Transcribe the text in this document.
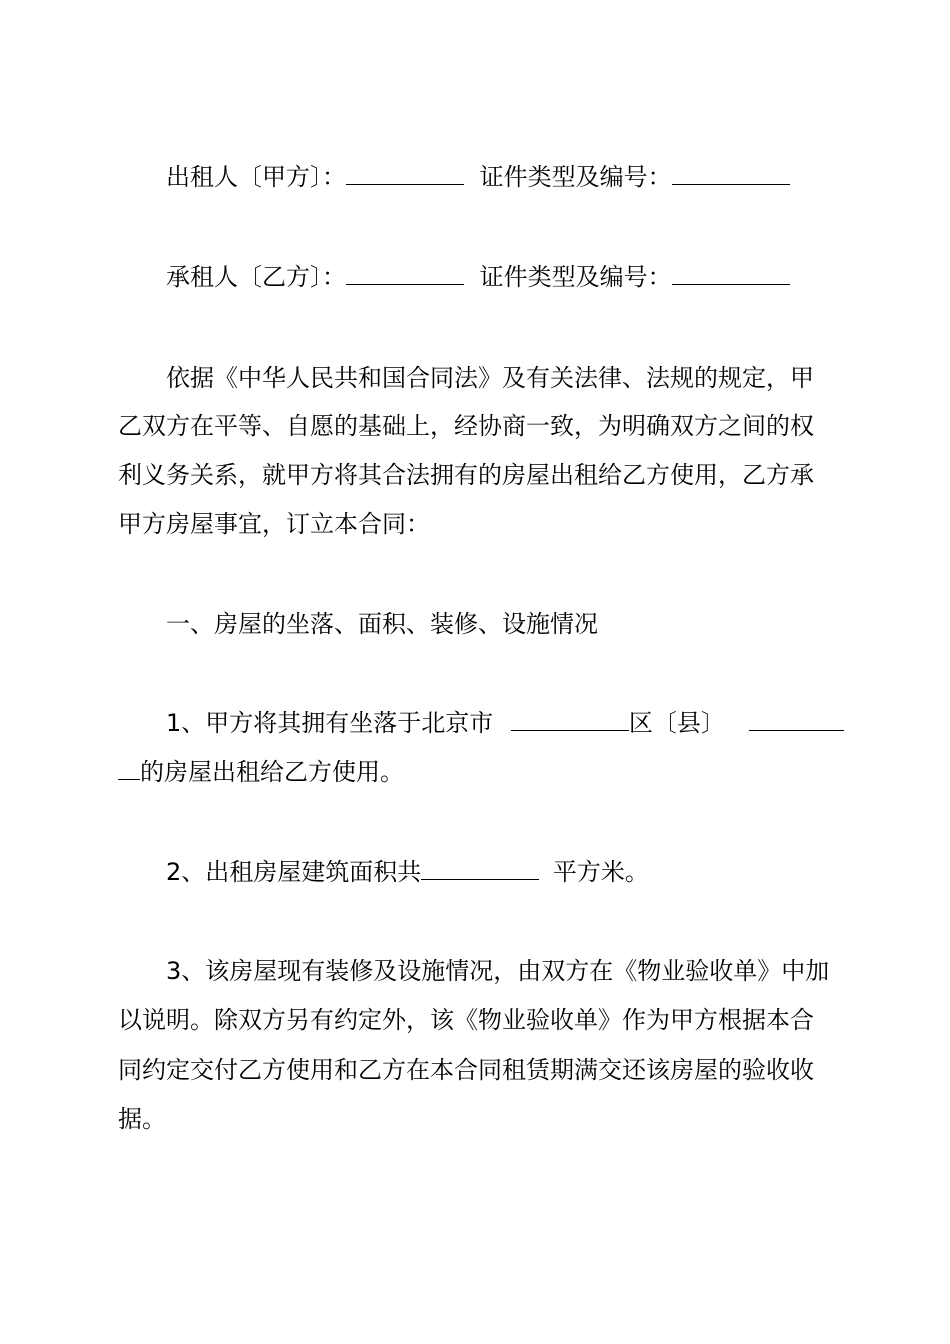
出租人〔甲方〕：	证件类型及编号：
承租人〔乙方〕：	证件类型及编号：
依据《中华人民共和国合同法》及有关法律、法规的规定，甲
乙双方在平等、自愿的基础上，经协商一致，为明确双方之间的权
利义务关系，就甲方将其合法拥有的房屋出租给乙方使用，乙方承
甲方房屋事宜，订立本合同：
一、房屋的坐落、面积、装修、设施情况
1、甲方将其拥有坐落于北京市	区〔县〕
的房屋出租给乙方使用。
2、出租房屋建筑面积共	平方米。
3、该房屋现有装修及设施情况，由双方在《物业验收单》中加
以说明。除双方另有约定外，该《物业验收单》作为甲方根据本合
同约定交付乙方使用和乙方在本合同租赁期满交还该房屋的验收收
据。
